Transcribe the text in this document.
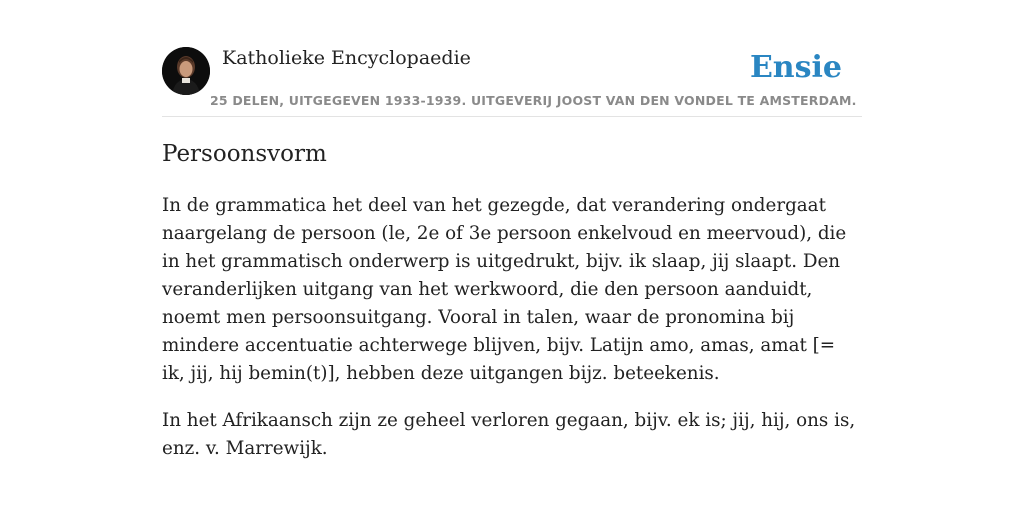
Katholieke Encyclopaedie
25 DELEN, UITGEGEVEN 1933-1939. UITGEVERIJ JOOST VAN DEN VONDEL TE AMSTERDAM.
Ensie
Persoonsvorm

In de grammatica het deel van het gezegde, dat verandering ondergaat naargelang de persoon (le, 2e of 3e persoon enkelvoud en meervoud), die in het grammatisch onderwerp is uitgedrukt, bijv. ik slaap, jij slaapt. Den veranderlijken uitgang van het werkwoord, die den persoon aanduidt, noemt men persoonsuitgang. Vooral in talen, waar de pronomina bij mindere accentuatie achterwege blijven, bijv. Latijn amo, amas, amat [= ik, jij, hij bemin(t)], hebben deze uitgangen bijz. beteekenis.

In het Afrikaansch zijn ze geheel verloren gegaan, bijv. ek is; jij, hij, ons is, enz. v. Marrewijk.
